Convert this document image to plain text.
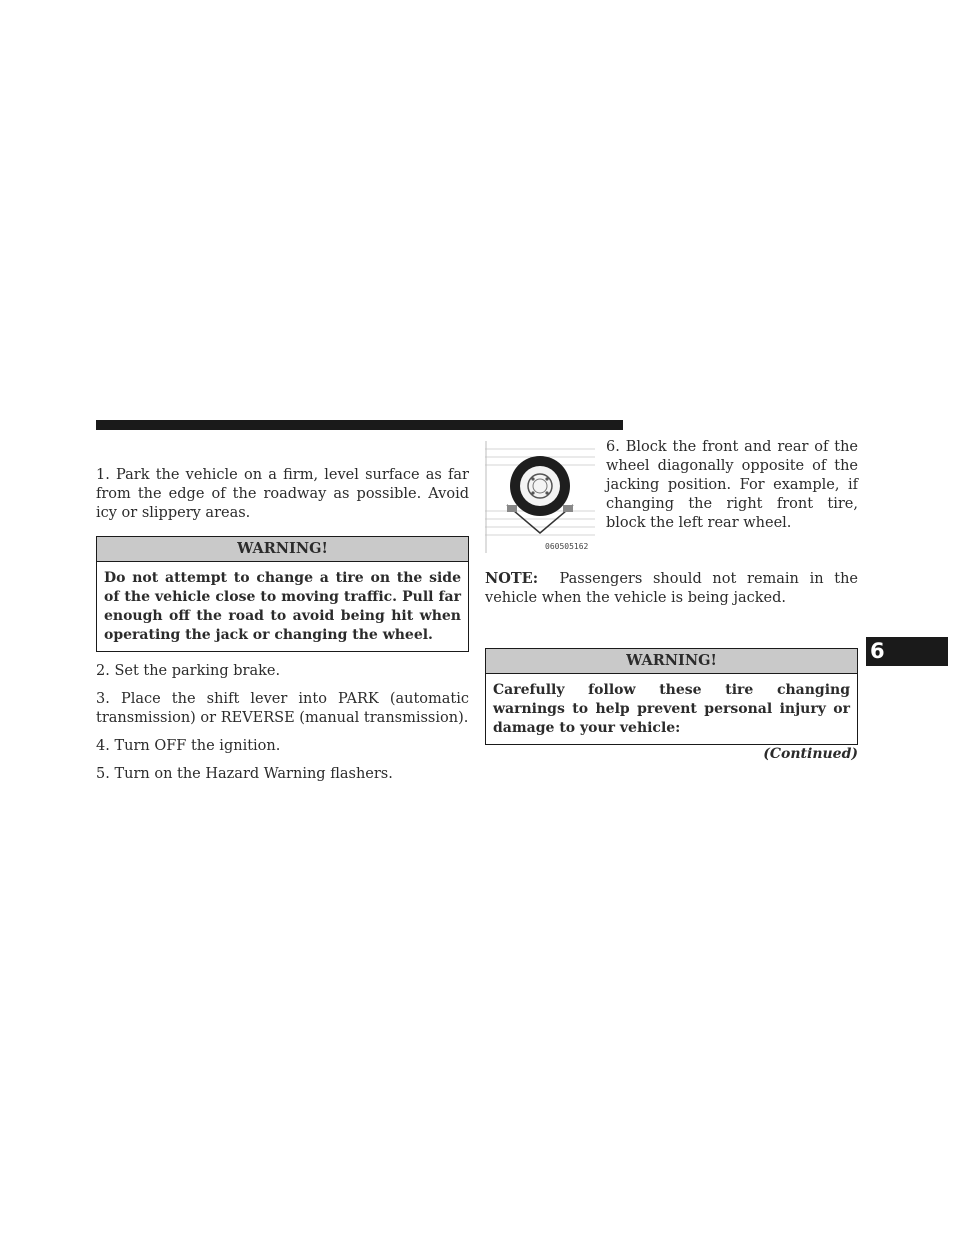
1. Park the vehicle on a firm, level surface as far from the edge of the roadway as possible. Avoid icy or slippery areas.

WARNING!
Do not attempt to change a tire on the side of the vehicle close to moving traffic. Pull far enough off the road to avoid being hit when operating the jack or changing the wheel.

2. Set the parking brake.

3. Place the shift lever into PARK (automatic transmission) or REVERSE (manual transmission).

4. Turn OFF the ignition.

5. Turn on the Hazard Warning flashers.

060505162

6. Block the front and rear of the wheel diagonally opposite of the jacking position. For example, if changing the right front tire, block the left rear wheel.

NOTE: Passengers should not remain in the vehicle when the vehicle is being jacked.

WARNING!
Carefully follow these tire changing warnings to help prevent personal injury or damage to your vehicle:
(Continued)
6
